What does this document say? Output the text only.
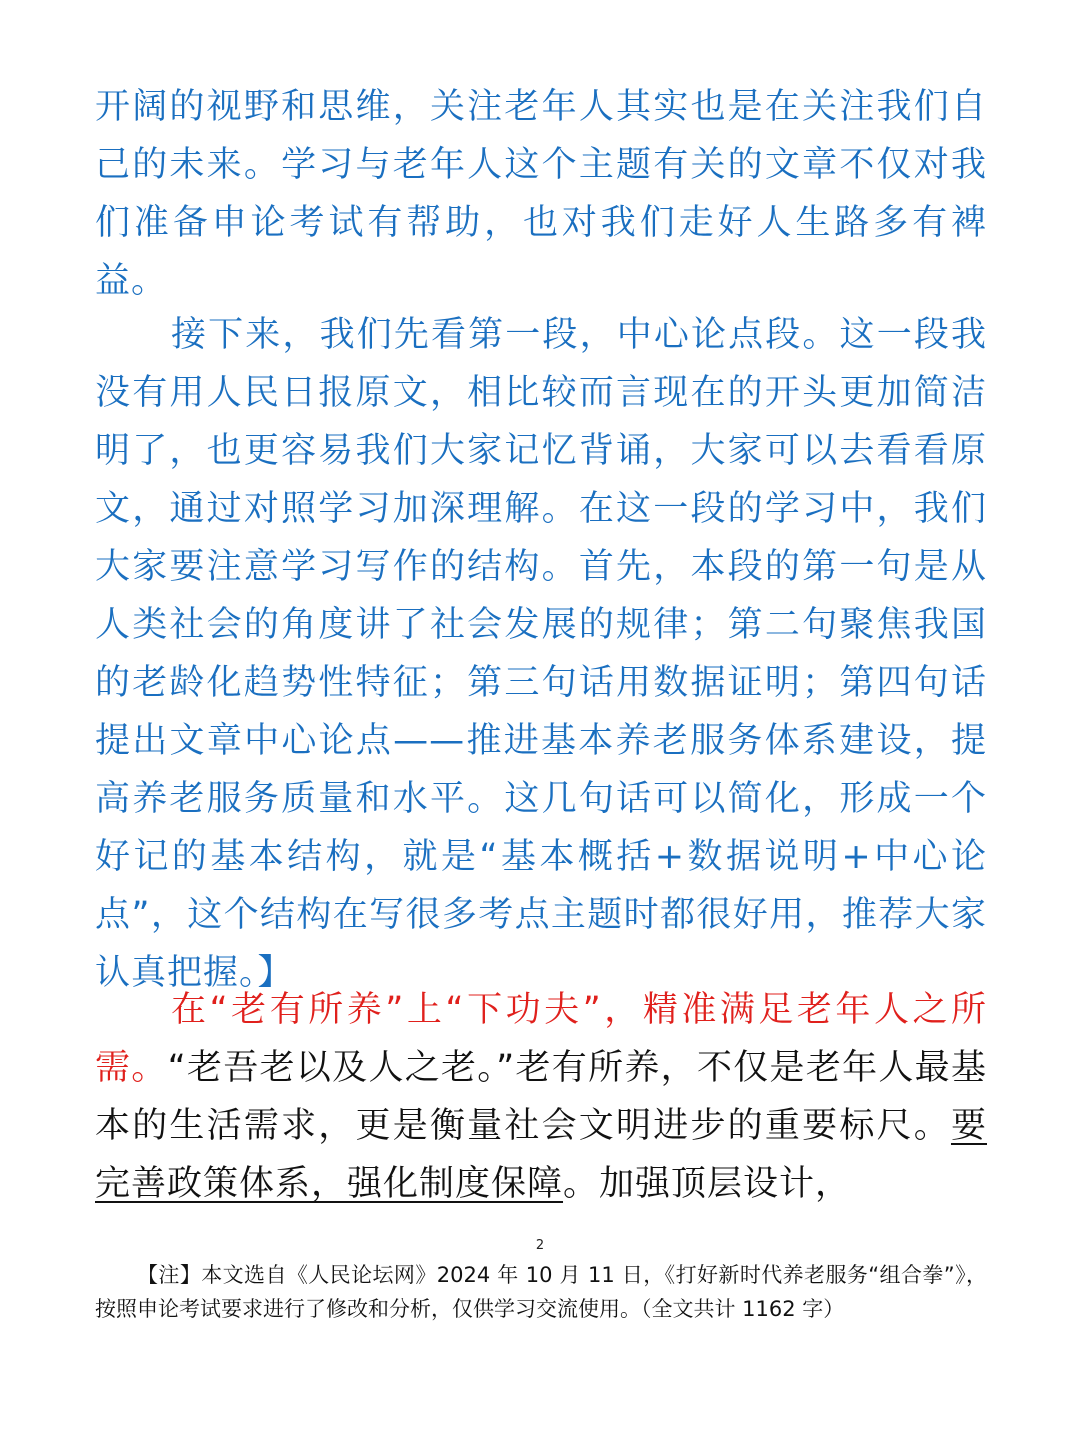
开阔的视野和思维，关注老年人其实也是在关注我们自己的未来。学习与老年人这个主题有关的文章不仅对我们准备申论考试有帮助，也对我们走好人生路多有裨益。

接下来，我们先看第一段，中心论点段。这一段我没有用人民日报原文，相比较而言现在的开头更加简洁明了，也更容易我们大家记忆背诵，大家可以去看看原文，通过对照学习加深理解。在这一段的学习中，我们大家要注意学习写作的结构。首先，本段的第一句是从人类社会的角度讲了社会发展的规律；第二句聚焦我国的老龄化趋势性特征；第三句话用数据证明；第四句话提出文章中心论点——推进基本养老服务体系建设，提高养老服务质量和水平。这几句话可以简化，形成一个好记的基本结构，就是“基本概括+数据说明+中心论点”，这个结构在写很多考点主题时都很好用，推荐大家认真把握。】

在“老有所养”上“下功夫”，精准满足老年人之所需。“老吾老以及人之老。”老有所养，不仅是老年人最基本的生活需求，更是衡量社会文明进步的重要标尺。要完善政策体系，强化制度保障。加强顶层设计，

2

【注】本文选自《人民论坛网》2024 年 10 月 11 日，《打好新时代养老服务“组合拳”》，按照申论考试要求进行了修改和分析，仅供学习交流使用。（全文共计 1162 字）
